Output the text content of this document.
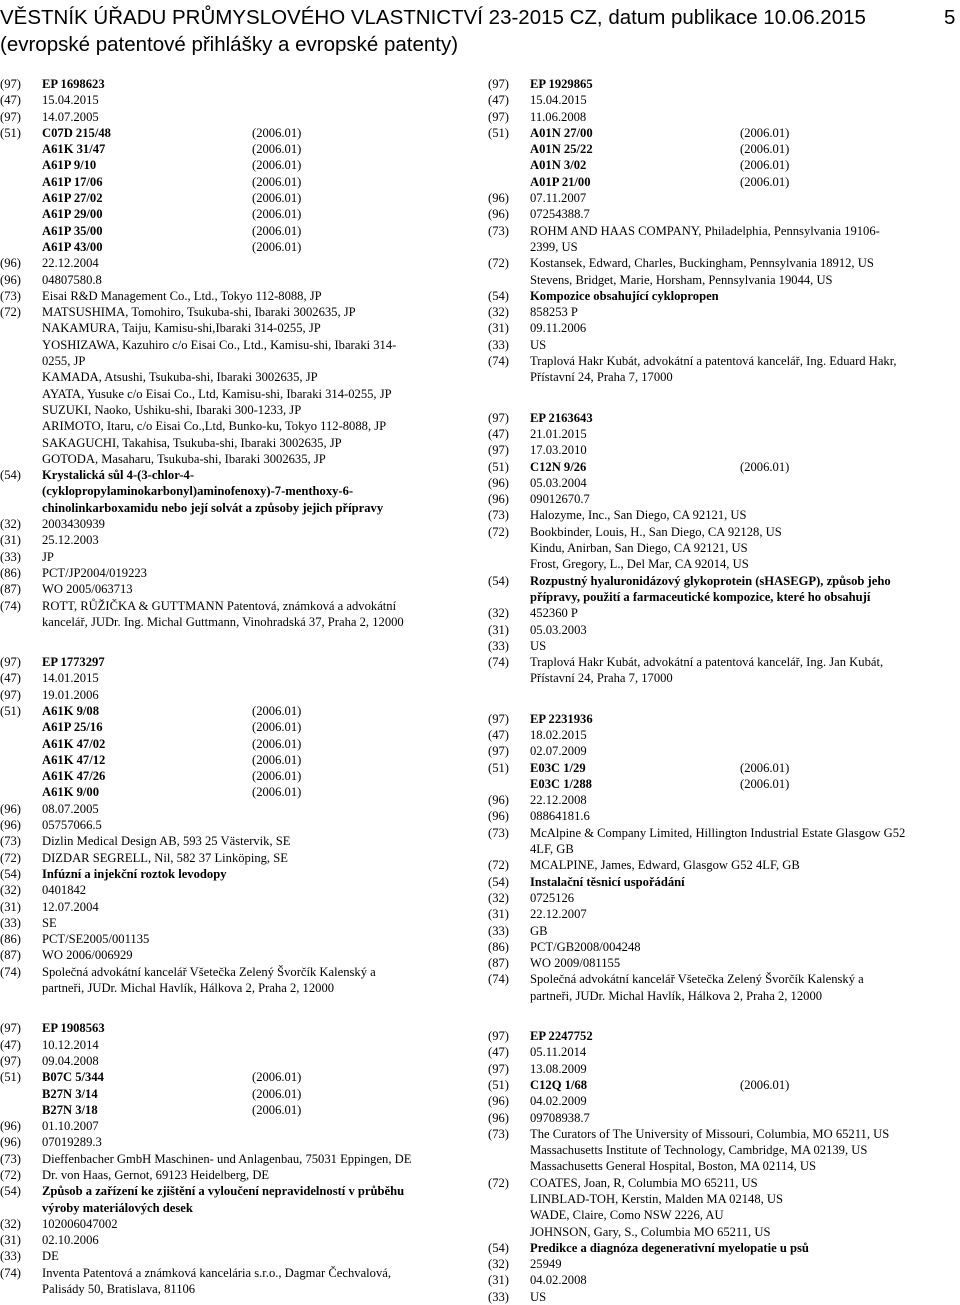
VĚSTNÍK ÚŘADU PRŮMYSLOVÉHO VLASTNICTVÍ 23-2015 CZ, datum publikace 10.06.2015
(evropské patentové přihlášky a evropské patenty)
5
(97) EP 1698623
(47) 15.04.2015
(97) 14.07.2005
(51) C07D 215/48	(2006.01)
A61K 31/47	(2006.01)
A61P 9/10	(2006.01)
A61P 17/06	(2006.01)
A61P 27/02	(2006.01)
A61P 29/00	(2006.01)
A61P 35/00	(2006.01)
A61P 43/00	(2006.01)
(96) 22.12.2004
(96) 04807580.8
(73) Eisai R&D Management Co., Ltd., Tokyo 112-8088, JP
(72) MATSUSHIMA, Tomohiro, Tsukuba-shi, Ibaraki 3002635, JP
NAKAMURA, Taiju, Kamisu-shi,Ibaraki 314-0255, JP
YOSHIZAWA, Kazuhiro c/o Eisai Co., Ltd., Kamisu-shi, Ibaraki 314-
0255, JP
KAMADA, Atsushi, Tsukuba-shi, Ibaraki 3002635, JP
AYATA, Yusuke c/o Eisai Co., Ltd, Kamisu-shi, Ibaraki 314-0255, JP
SUZUKI, Naoko, Ushiku-shi, Ibaraki 300-1233, JP
ARIMOTO, Itaru, c/o Eisai Co.,Ltd, Bunko-ku, Tokyo 112-8088, JP
SAKAGUCHI, Takahisa, Tsukuba-shi, Ibaraki 3002635, JP
GOTODA, Masaharu, Tsukuba-shi, Ibaraki 3002635, JP
(54) Krystalická sůl 4-(3-chlor-4-
(cyklopropylaminokarbonyl)aminofenoxy)-7-menthoxy-6-
chinolinkarboxamidu nebo její solvát a způsoby jejich přípravy
(32) 2003430939
(31) 25.12.2003
(33) JP
(86) PCT/JP2004/019223
(87) WO 2005/063713
(74) ROTT, RŮŽIČKA & GUTTMANN Patentová, známková a advokátní
kancelář, JUDr. Ing. Michal Guttmann, Vinohradská 37, Praha 2, 12000
(97) EP 1773297
(47) 14.01.2015
(97) 19.01.2006
(51) A61K 9/08	(2006.01)
A61P 25/16	(2006.01)
A61K 47/02	(2006.01)
A61K 47/12	(2006.01)
A61K 47/26	(2006.01)
A61K 9/00	(2006.01)
(96) 08.07.2005
(96) 05757066.5
(73) Dizlin Medical Design AB, 593 25 Västervik, SE
(72) DIZDAR SEGRELL, Nil, 582 37 Linköping, SE
(54) Infúzní a injekční roztok levodopy
(32) 0401842
(31) 12.07.2004
(33) SE
(86) PCT/SE2005/001135
(87) WO 2006/006929
(74) Společná advokátní kancelář Všetečka Zelený Švorčík Kalenský a
partneři, JUDr. Michal Havlík, Hálkova 2, Praha 2, 12000
(97) EP 1908563
(47) 10.12.2014
(97) 09.04.2008
(51) B07C 5/344	(2006.01)
B27N 3/14	(2006.01)
B27N 3/18	(2006.01)
(96) 01.10.2007
(96) 07019289.3
(73) Dieffenbacher GmbH Maschinen- und Anlagenbau, 75031 Eppingen, DE
(72) Dr. von Haas, Gernot, 69123 Heidelberg, DE
(54) Způsob a zařízení ke zjištění a vyloučení nepravidelností v průběhu
výroby materiálových desek
(32) 102006047002
(31) 02.10.2006
(33) DE
(74) Inventa Patentová a známková kancelária s.r.o., Dagmar Čechvalová,
Palisády 50, Bratislava, 81106
(97) EP 1929865
(47) 15.04.2015
(97) 11.06.2008
(51) A01N 27/00	(2006.01)
A01N 25/22	(2006.01)
A01N 3/02	(2006.01)
A01P 21/00	(2006.01)
(96) 07.11.2007
(96) 07254388.7
(73) ROHM AND HAAS COMPANY, Philadelphia, Pennsylvania 19106-
2399, US
(72) Kostansek, Edward, Charles, Buckingham, Pennsylvania 18912, US
Stevens, Bridget, Marie, Horsham, Pennsylvania 19044, US
(54) Kompozice obsahující cyklopropen
(32) 858253 P
(31) 09.11.2006
(33) US
(74) Traplová Hakr Kubát, advokátní a patentová kancelář, Ing. Eduard Hakr,
Přístavní 24, Praha 7, 17000
(97) EP 2163643
(47) 21.01.2015
(97) 17.03.2010
(51) C12N 9/26	(2006.01)
(96) 05.03.2004
(96) 09012670.7
(73) Halozyme, Inc., San Diego, CA 92121, US
(72) Bookbinder, Louis, H., San Diego, CA 92128, US
Kindu, Anirban, San Diego, CA 92121, US
Frost, Gregory, L., Del Mar, CA 92014, US
(54) Rozpustný hyaluronidázový glykoprotein (sHASEGP), způsob jeho
přípravy, použití a farmaceutické kompozice, které ho obsahují
(32) 452360 P
(31) 05.03.2003
(33) US
(74) Traplová Hakr Kubát, advokátní a patentová kancelář, Ing. Jan Kubát,
Přístavní 24, Praha 7, 17000
(97) EP 2231936
(47) 18.02.2015
(97) 02.07.2009
(51) E03C 1/29	(2006.01)
E03C 1/288	(2006.01)
(96) 22.12.2008
(96) 08864181.6
(73) McAlpine & Company Limited, Hillington Industrial Estate Glasgow G52
4LF, GB
(72) MCALPINE, James, Edward, Glasgow G52 4LF, GB
(54) Instalační těsnicí uspořádání
(32) 0725126
(31) 22.12.2007
(33) GB
(86) PCT/GB2008/004248
(87) WO 2009/081155
(74) Společná advokátní kancelář Všetečka Zelený Švorčík Kalenský a
partneři, JUDr. Michal Havlík, Hálkova 2, Praha 2, 12000
(97) EP 2247752
(47) 05.11.2014
(97) 13.08.2009
(51) C12Q 1/68	(2006.01)
(96) 04.02.2009
(96) 09708938.7
(73) The Curators of The University of Missouri, Columbia, MO 65211, US
Massachusetts Institute of Technology, Cambridge, MA 02139, US
Massachusetts General Hospital, Boston, MA 02114, US
(72) COATES, Joan, R, Columbia MO 65211, US
LINBLAD-TOH, Kerstin, Malden MA 02148, US
WADE, Claire, Como NSW 2226, AU
JOHNSON, Gary, S., Columbia MO 65211, US
(54) Predikce a diagnóza degenerativní myelopatie u psů
(32) 25949
(31) 04.02.2008
(33) US
